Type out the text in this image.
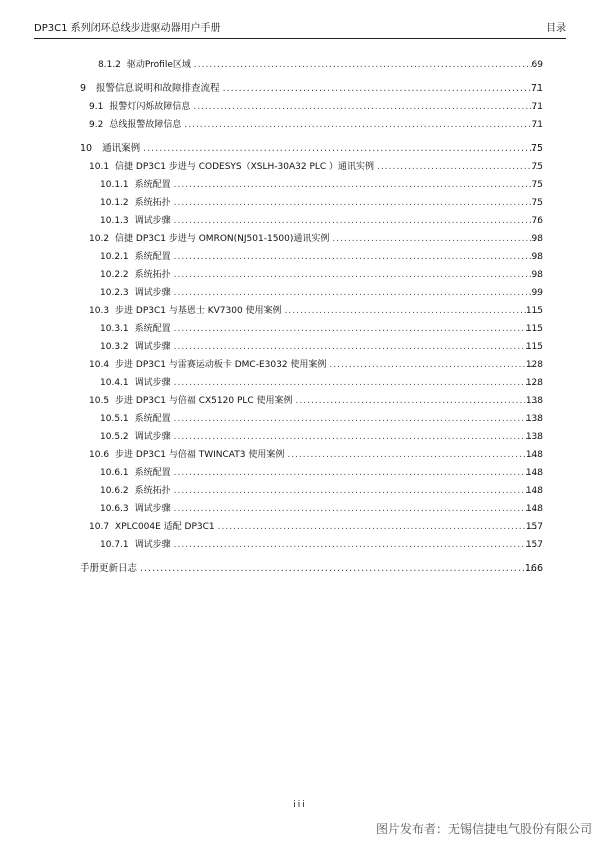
DP3C1 系列闭环总线步进驱动器用户手册	目录
8.1.2 驱动Profile区域 .....	69
9 报警信息说明和故障排查流程 .....	71
9.1 报警灯闪烁故障信息 .....	71
9.2 总线报警故障信息 .....	71
10 通讯案例 .....	75
10.1 信捷 DP3C1 步进与 CODESYS（XSLH-30A32 PLC ）通讯实例 .....	75
10.1.1 系统配置 .....	75
10.1.2 系统拓扑 .....	75
10.1.3 调试步骤 .....	76
10.2 信捷 DP3C1 步进与 OMRON(NJ501-1500)通讯实例 .....	98
10.2.1 系统配置 .....	98
10.2.2 系统拓扑 .....	98
10.2.3 调试步骤 .....	99
10.3 步进 DP3C1 与基恩士 KV7300 使用案例 .....	115
10.3.1 系统配置 .....	115
10.3.2 调试步骤 .....	115
10.4 步进 DP3C1 与雷赛运动板卡 DMC-E3032 使用案例 .....	128
10.4.1 调试步骤 .....	128
10.5 步进 DP3C1 与倍福 CX5120 PLC 使用案例 .....	138
10.5.1 系统配置 .....	138
10.5.2 调试步骤 .....	138
10.6 步进 DP3C1 与倍福 TWINCAT3 使用案例 .....	148
10.6.1 系统配置 .....	148
10.6.2 系统拓扑 .....	148
10.6.3 调试步骤 .....	148
10.7 XPLC004E 适配 DP3C1 .....	157
10.7.1 调试步骤 .....	157
手册更新日志 .....	166
iii
图片发布者：无锡信捷电气股份有限公司
